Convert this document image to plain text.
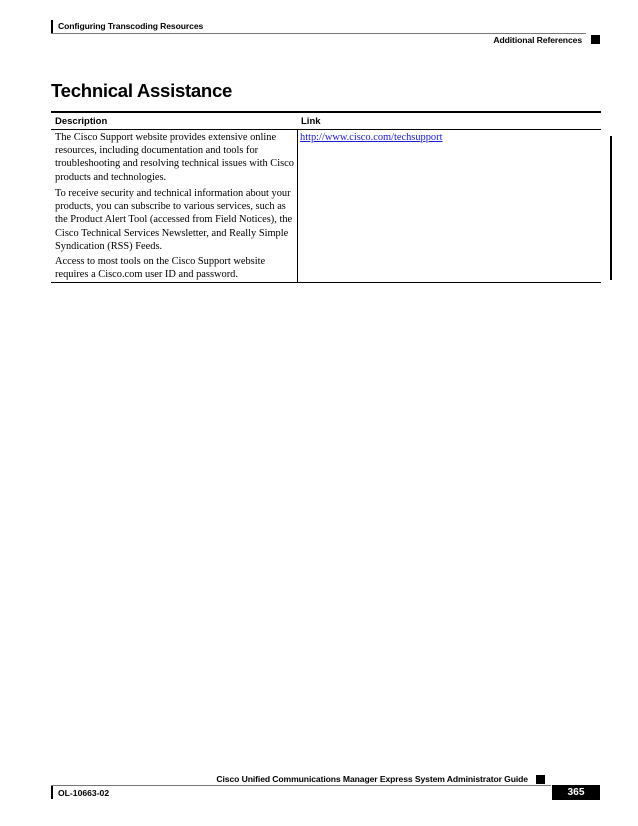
Configuring Transcoding Resources
Additional References
Technical Assistance
Description	Link
The Cisco Support website provides extensive online resources, including documentation and tools for troubleshooting and resolving technical issues with Cisco products and technologies.
To receive security and technical information about your products, you can subscribe to various services, such as the Product Alert Tool (accessed from Field Notices), the Cisco Technical Services Newsletter, and Really Simple Syndication (RSS) Feeds.
Access to most tools on the Cisco Support website requires a Cisco.com user ID and password.
http://www.cisco.com/techsupport
Cisco Unified Communications Manager Express System Administrator Guide
OL-10663-02	365
